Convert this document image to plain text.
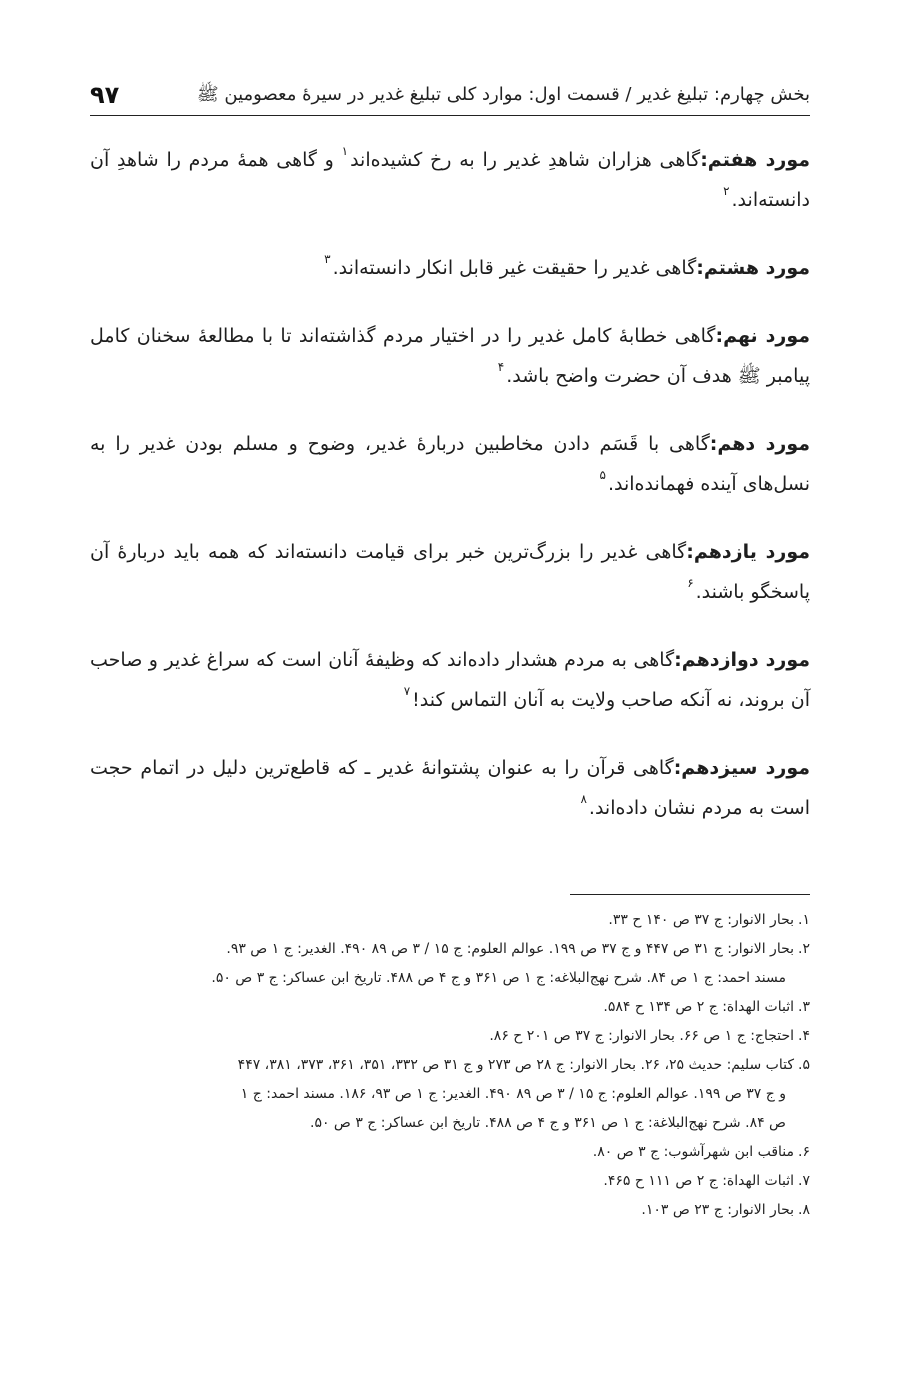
بخش چهارم: تبلیغ غدیر / قسمت اول: موارد کلی تبلیغ غدیر در سیرهٔ معصومین ﷺ
۹۷

مورد هفتم:گاهی هزاران شاهدِ غدیر را به رخ کشیده‌اند$^۱$ و گاهی همهٔ مردم را شاهدِ آن دانسته‌اند.$^۲$

مورد هشتم:گاهی غدیر را حقیقت غیر قابل انکار دانسته‌اند.$^۳$

مورد نهم:گاهی خطابهٔ کامل غدیر را در اختیار مردم گذاشته‌اند تا با مطالعهٔ سخنان کامل پیامبر ﷺ هدف آن حضرت واضح باشد.$^۴$

مورد دهم:گاهی با قَسَم دادن مخاطبین دربارهٔ غدیر، وضوح و مسلم بودن غدیر را به نسل‌های آینده فهمانده‌اند.$^۵$

مورد یازدهم:گاهی غدیر را بزرگ‌ترین خبر برای قیامت دانسته‌اند که همه باید دربارهٔ آن پاسخگو باشند.$^۶$

مورد دوازدهم:گاهی به مردم هشدار داده‌اند که وظیفهٔ آنان است که سراغ غدیر و صاحب آن بروند، نه آنکه صاحب ولایت به آنان التماس کند!$^۷$

مورد سیزدهم:گاهی قرآن را به عنوان پشتوانهٔ غدیر ـ که قاطع‌ترین دلیل در اتمام حجت است‌ به مردم نشان داده‌اند.$^۸$

۱.بحار الانوار: ج ۳۷ ص ۱۴۰ ح ۳۳.
۲.بحار الانوار: ج ۳۱ ص ۴۴۷ و ج ۳۷ ص ۱۹۹. عوالم العلوم: ج ۱۵ / ۳ ص ۸۹ ۴۹۰. الغدیر: ج ۱ ص ۹۳.
مسند احمد: ج ۱ ص ۸۴. شرح نهج‌البلاغه: ج ۱ ص ۳۶۱ و ج ۴ ص ۴۸۸. تاریخ ابن عساکر: ج ۳ ص ۵۰.
۳.اثبات الهداة: ج ۲ ص ۱۳۴ ح ۵۸۴.
۴.احتجاج: ج ۱ ص ۶۶. بحار الانوار: ج ۳۷ ص ۲۰۱ ح ۸۶.
۵.کتاب سلیم: حدیث ۲۵، ۲۶. بحار الانوار: ج ۲۸ ص ۲۷۳ و ج ۳۱ ص ۳۳۲، ۳۵۱، ۳۶۱، ۳۷۳، ۳۸۱، ۴۴۷
و ج ۳۷ ص ۱۹۹. عوالم العلوم: ج ۱۵ / ۳ ص ۸۹ ۴۹۰. الغدیر: ج ۱ ص ۹۳، ۱۸۶. مسند احمد: ج ۱
ص ۸۴. شرح نهج‌البلاغة: ج ۱ ص ۳۶۱ و ج ۴ ص ۴۸۸. تاریخ ابن عساکر: ج ۳ ص ۵۰.
۶.مناقب ابن شهرآشوب: ج ۳ ص ۸۰.
۷.اثبات الهداة: ج ۲ ص ۱۱۱ ح ۴۶۵.
۸.بحار الانوار: ج ۲۳ ص ۱۰۳.
